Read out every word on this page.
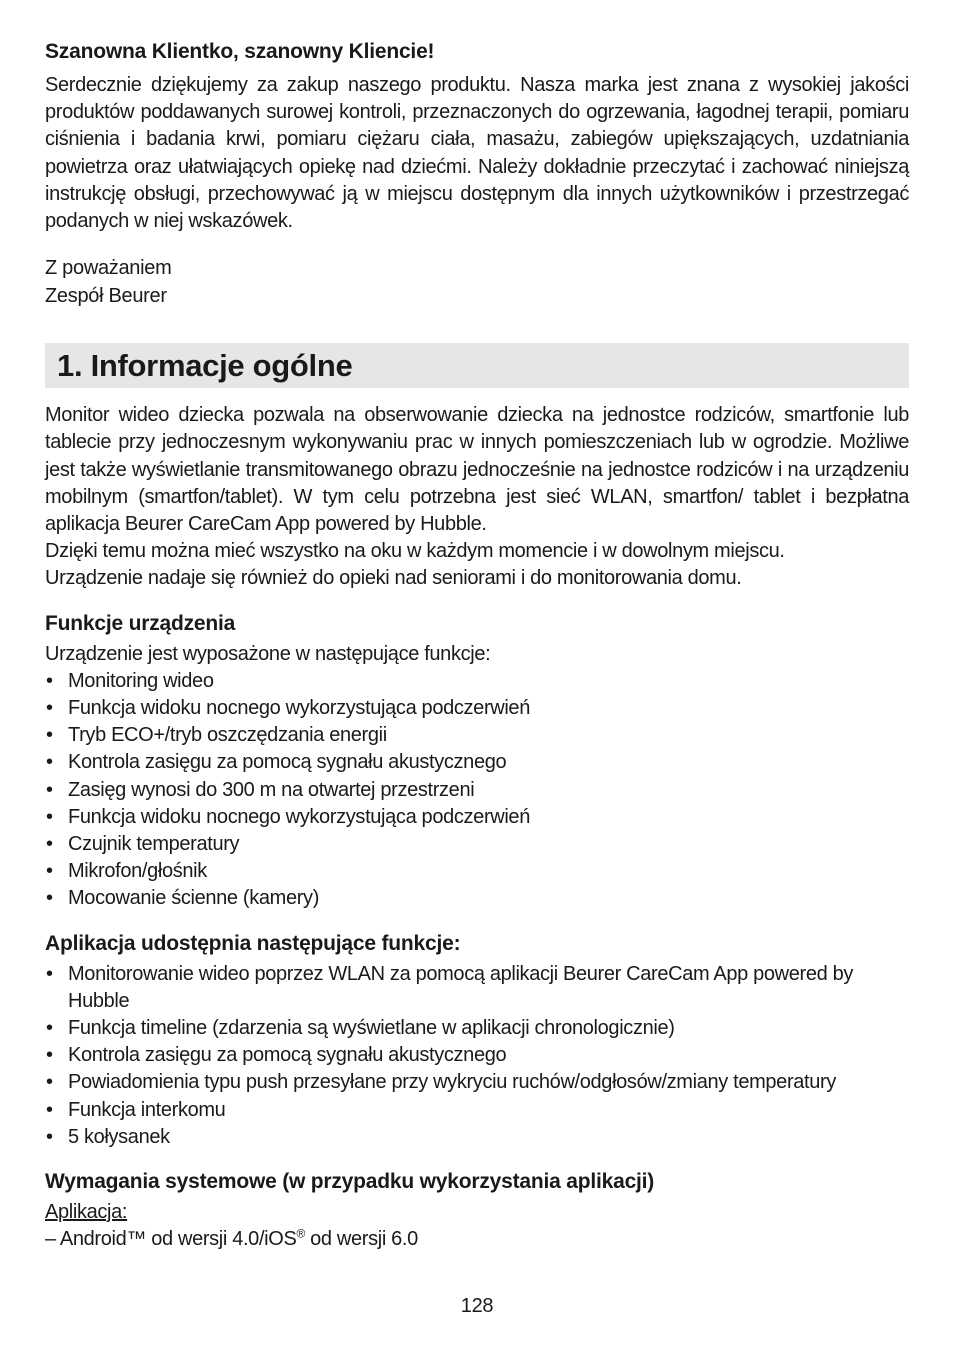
Szanowna Klientko, szanowny Kliencie!

Serdecznie dziękujemy za zakup naszego produktu. Nasza marka jest znana z wysokiej jakości produktów poddawanych surowej kontroli, przeznaczonych do ogrzewania, łagodnej terapii, pomiaru ciśnienia i badania krwi, pomiaru ciężaru ciała, masażu, zabiegów upiększających, uzdatniania powietrza oraz ułatwiających opiekę nad dziećmi. Należy dokładnie przeczytać i zachować niniejszą instrukcję obsługi, przechowywać ją w miejscu dostępnym dla innych użytkowników i przestrzegać podanych w niej wskazówek.

Z poważaniem
Zespół Beurer
1. Informacje ogólne

Monitor wideo dziecka pozwala na obserwowanie dziecka na jednostce rodziców, smartfonie lub tablecie przy jednoczesnym wykonywaniu prac w innych pomieszczeniach lub w ogrodzie. Możliwe jest także wyświetlanie transmitowanego obrazu jednocześnie na jednostce rodziców i na urządzeniu mobilnym (smartfon/tablet). W tym celu potrzebna jest sieć WLAN, smartfon/ tablet i bezpłatna aplikacja Beurer CareCam App powered by Hubble.

Dzięki temu można mieć wszystko na oku w każdym momencie i w dowolnym miejscu.

Urządzenie nadaje się również do opieki nad seniorami i do monitorowania domu.

Funkcje urządzenia

Urządzenie jest wyposażone w następujące funkcje:

• Monitoring wideo
• Funkcja widoku nocnego wykorzystująca podczerwień
• Tryb ECO+/tryb oszczędzania energii
• Kontrola zasięgu za pomocą sygnału akustycznego
• Zasięg wynosi do 300 m na otwartej przestrzeni
• Funkcja widoku nocnego wykorzystująca podczerwień
• Czujnik temperatury
• Mikrofon/głośnik
• Mocowanie ścienne (kamery)
Aplikacja udostępnia następujące funkcje:
• Monitorowanie wideo poprzez WLAN za pomocą aplikacji Beurer CareCam App powered by Hubble
• Funkcja timeline (zdarzenia są wyświetlane w aplikacji chronologicznie)
• Kontrola zasięgu za pomocą sygnału akustycznego
• Powiadomienia typu push przesyłane przy wykryciu ruchów/odgłosów/zmiany temperatury
• Funkcja interkomu
• 5 kołysanek
Wymagania systemowe (w przypadku wykorzystania aplikacji)

Aplikacja:

– Android™ od wersji 4.0/iOS® od wersji 6.0

128
